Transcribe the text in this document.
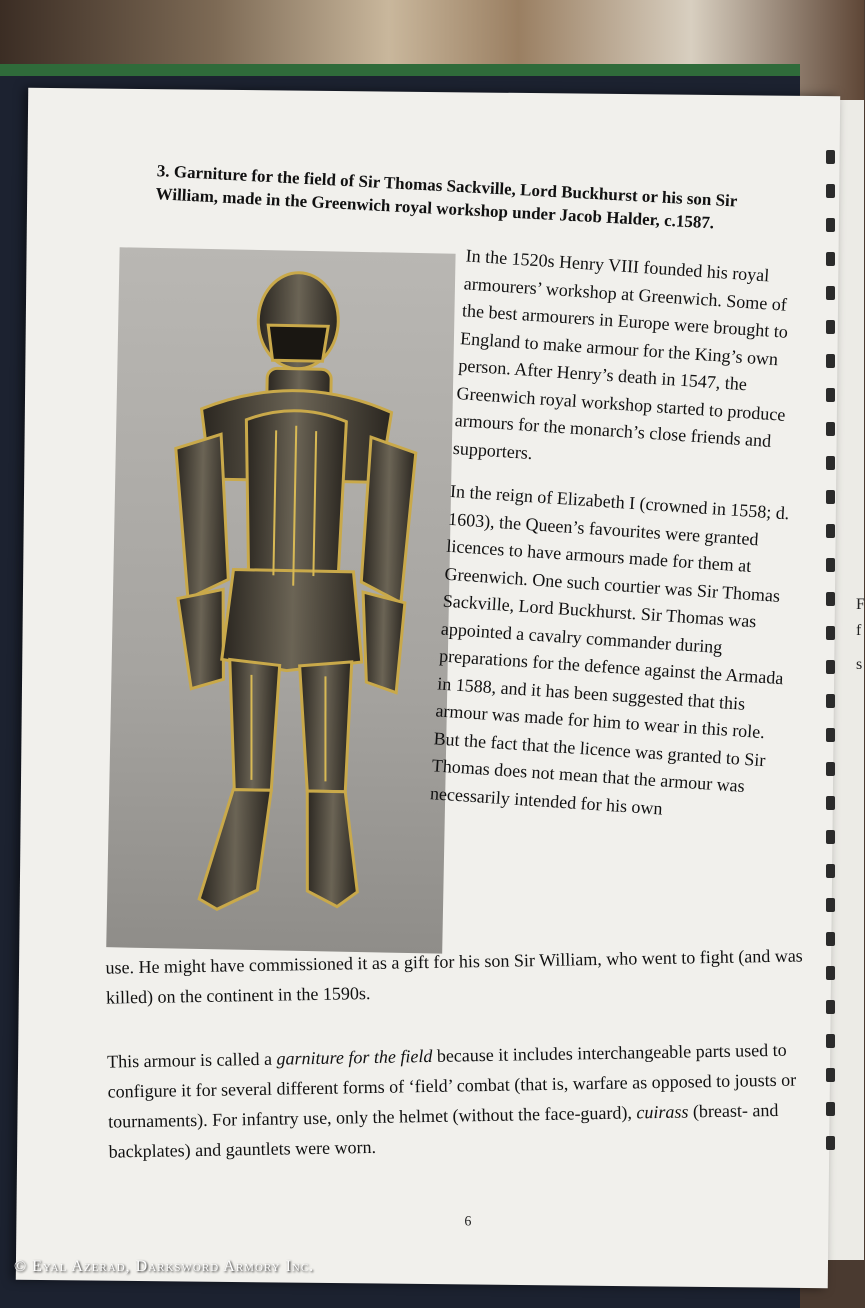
F
f
s
3. Garniture for the field of Sir Thomas Sackville, Lord Buckhurst or his son Sir William, made in the Greenwich royal workshop under Jacob Halder, c.1587.

In the 1520s Henry VIII founded his royal armourers’ workshop at Greenwich. Some of the best armourers in Europe were brought to England to make armour for the King’s own person. After Henry’s death in 1547, the Greenwich royal workshop started to produce armours for the monarch’s close friends and supporters.

In the reign of Elizabeth I (crowned in 1558; d. 1603), the Queen’s favourites were granted licences to have armours made for them at Greenwich. One such courtier was Sir Thomas Sackville, Lord Buckhurst. Sir Thomas was appointed a cavalry commander during preparations for the defence against the Armada in 1588, and it has been suggested that this armour was made for him to wear in this role. But the fact that the licence was granted to Sir Thomas does not mean that the armour was necessarily intended for his own

use. He might have commissioned it as a gift for his son Sir William, who went to fight (and was killed) on the continent in the 1590s.

This armour is called a garniture for the field because it includes interchangeable parts used to configure it for several different forms of ‘field’ combat (that is, warfare as opposed to jousts or tournaments). For infantry use, only the helmet (without the face-guard), cuirass (breast- and backplates) and gauntlets were worn.

6
© Eyal Azerad, Darksword Armory Inc.
